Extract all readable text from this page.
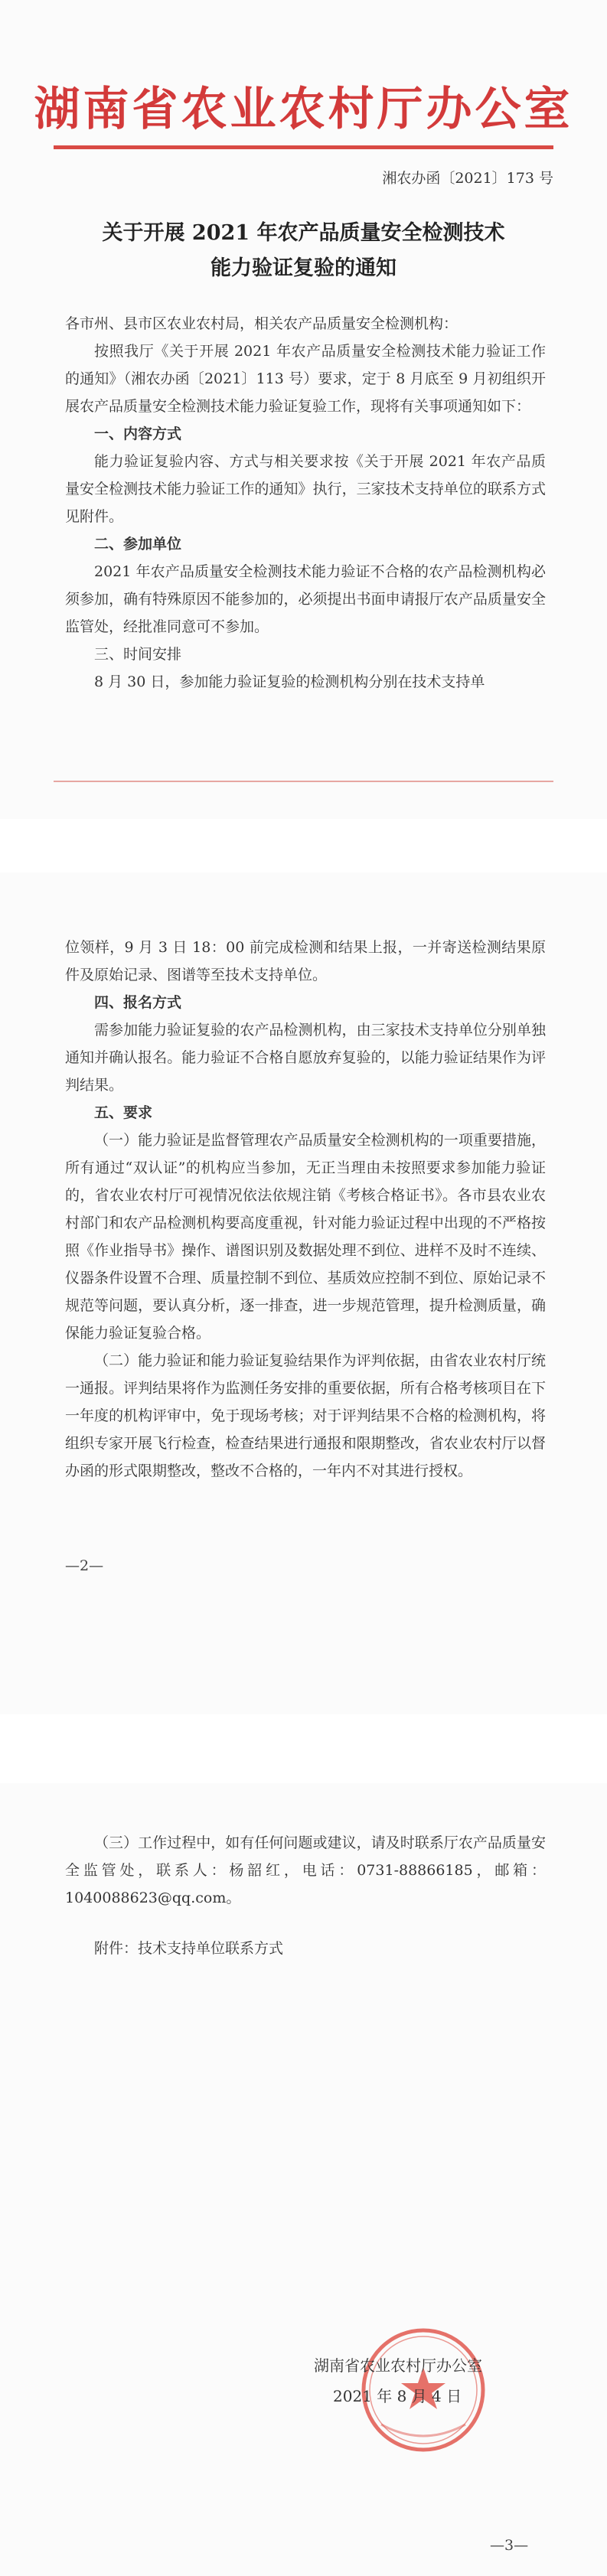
湖南省农业农村厅办公室
湘农办函〔2021〕173 号
关于开展 2021 年农产品质量安全检测技术
能力验证复验的通知

各市州、县市区农业农村局，相关农产品质量安全检测机构：

按照我厅《关于开展 2021 年农产品质量安全检测技术能力验证工作的通知》（湘农办函〔2021〕113 号）要求，定于 8 月底至 9 月初组织开展农产品质量安全检测技术能力验证复验工作，现将有关事项通知如下：

一、内容方式

能力验证复验内容、方式与相关要求按《关于开展 2021 年农产品质量安全检测技术能力验证工作的通知》执行，三家技术支持单位的联系方式见附件。

二、参加单位

2021 年农产品质量安全检测技术能力验证不合格的农产品检测机构必须参加，确有特殊原因不能参加的，必须提出书面申请报厅农产品质量安全监管处，经批准同意可不参加。

三、时间安排

8 月 30 日，参加能力验证复验的检测机构分别在技术支持单

位领样，9 月 3 日 18：00 前完成检测和结果上报，一并寄送检测结果原件及原始记录、图谱等至技术支持单位。

四、报名方式

需参加能力验证复验的农产品检测机构，由三家技术支持单位分别单独通知并确认报名。能力验证不合格自愿放弃复验的，以能力验证结果作为评判结果。

五、要求

（一）能力验证是监督管理农产品质量安全检测机构的一项重要措施，所有通过“双认证”的机构应当参加，无正当理由未按照要求参加能力验证的，省农业农村厅可视情况依法依规注销《考核合格证书》。各市县农业农村部门和农产品检测机构要高度重视，针对能力验证过程中出现的不严格按照《作业指导书》操作、谱图识别及数据处理不到位、进样不及时不连续、仪器条件设置不合理、质量控制不到位、基质效应控制不到位、原始记录不规范等问题，要认真分析，逐一排查，进一步规范管理，提升检测质量，确保能力验证复验合格。

（二）能力验证和能力验证复验结果作为评判依据，由省农业农村厅统一通报。评判结果将作为监测任务安排的重要依据，所有合格考核项目在下一年度的机构评审中，免于现场考核；对于评判结果不合格的检测机构，将组织专家开展飞行检查，检查结果进行通报和限期整改，省农业农村厅以督办函的形式限期整改，整改不合格的，一年内不对其进行授权。

—2—

（三）工作过程中，如有任何问题或建议，请及时联系厅农产品质量安全监管处，联系人：杨韶红，电话：0731-88866185，邮箱：1040088623@qq.com。

附件：技术支持单位联系方式

—3—
湖南省农业农村厅办公室
2021 年 8 月 4 日
